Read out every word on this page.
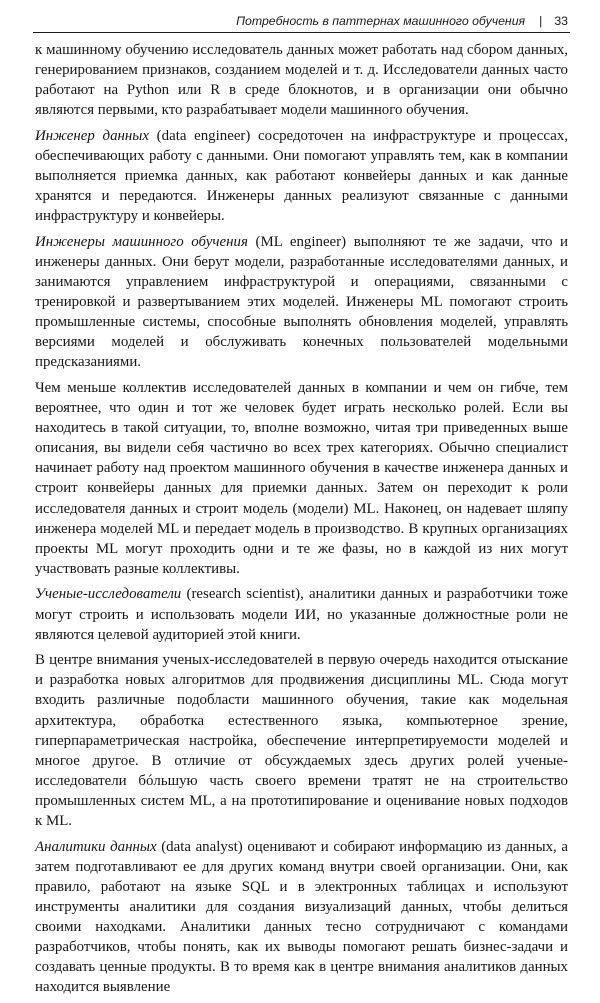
Потребность в паттернах машинного обучения | 33

к машинному обучению исследователь данных может работать над сбором данных, генерированием признаков, созданием моделей и т. д. Исследователи данных часто работают на Python или R в среде блокнотов, и в организации они обычно являются первыми, кто разрабатывает модели машинного обучения.

Инженер данных (data engineer) сосредоточен на инфраструктуре и процессах, обеспечивающих работу с данными. Они помогают управлять тем, как в компании выполняется приемка данных, как работают конвейеры данных и как данные хранятся и передаются. Инженеры данных реализуют связанные с данными инфраструктуру и конвейеры.

Инженеры машинного обучения (ML engineer) выполняют те же задачи, что и инженеры данных. Они берут модели, разработанные исследователями данных, и занимаются управлением инфраструктурой и операциями, связанными с тренировкой и развертыванием этих моделей. Инженеры ML помогают строить промышленные системы, способные выполнять обновления моделей, управлять версиями моделей и обслуживать конечных пользователей модельными предсказаниями.

Чем меньше коллектив исследователей данных в компании и чем он гибче, тем вероятнее, что один и тот же человек будет играть несколько ролей. Если вы находитесь в такой ситуации, то, вполне возможно, читая три приведенных выше описания, вы видели себя частично во всех трех категориях. Обычно специалист начинает работу над проектом машинного обучения в качестве инженера данных и строит конвейеры данных для приемки данных. Затем он переходит к роли исследователя данных и строит модель (модели) ML. Наконец, он надевает шляпу инженера моделей ML и передает модель в производство. В крупных организациях проекты ML могут проходить одни и те же фазы, но в каждой из них могут участвовать разные коллективы.

Ученые-исследователи (research scientist), аналитики данных и разработчики тоже могут строить и использовать модели ИИ, но указанные должностные роли не являются целевой аудиторией этой книги.

В центре внимания ученых-исследователей в первую очередь находится отыскание и разработка новых алгоритмов для продвижения дисциплины ML. Сюда могут входить различные подобласти машинного обучения, такие как модельная архитектура, обработка естественного языка, компьютерное зрение, гиперпараметрическая настройка, обеспечение интерпретируемости моделей и многое другое. В отличие от обсуждаемых здесь других ролей ученые-исследователи бóльшую часть своего времени тратят не на строительство промышленных систем ML, а на прототипирование и оценивание новых подходов к ML.

Аналитики данных (data analyst) оценивают и собирают информацию из данных, а затем подготавливают ее для других команд внутри своей организации. Они, как правило, работают на языке SQL и в электронных таблицах и используют инструменты аналитики для создания визуализаций данных, чтобы делиться своими находками. Аналитики данных тесно сотрудничают с командами разработчиков, чтобы понять, как их выводы помогают решать бизнес-задачи и создавать ценные продукты. В то время как в центре внимания аналитиков данных находится выявление
